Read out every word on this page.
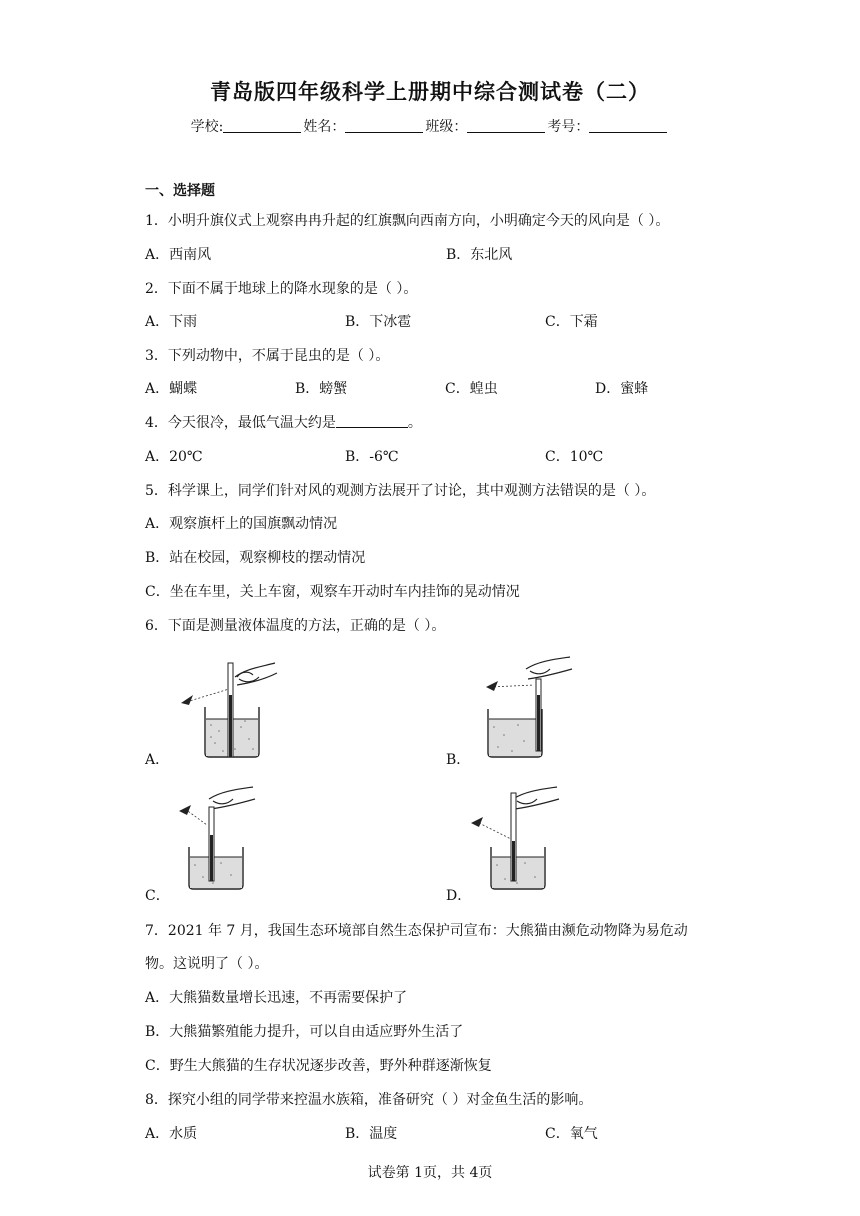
青岛版四年级科学上册期中综合测试卷（二）
学校:	姓名：	班级：	考号：
一、选择题
1．小明升旗仪式上观察冉冉升起的红旗飘向西南方向，小明确定今天的风向是（ ）。
A．西南风	B．东北风
2．下面不属于地球上的降水现象的是（ ）。
A．下雨	B．下冰雹	C．下霜
3．下列动物中，不属于昆虫的是（ ）。
A．蝴蝶	B．螃蟹	C．蝗虫	D．蜜蜂
4．今天很冷，最低气温大约是	。
A．20℃	B．-6℃	C．10℃
5．科学课上，同学们针对风的观测方法展开了讨论，其中观测方法错误的是（ ）。
A．观察旗杆上的国旗飘动情况
B．站在校园，观察柳枝的摆动情况
C．坐在车里，关上车窗，观察车开动时车内挂饰的晃动情况
6．下面是测量液体温度的方法，正确的是（ ）。
A．	B．
C．	D．
7．2021 年 7 月，我国生态环境部自然生态保护司宣布：大熊猫由濒危动物降为易危动
物。这说明了（ ）。
A．大熊猫数量增长迅速，不再需要保护了
B．大熊猫繁殖能力提升，可以自由适应野外生活了
C．野生大熊猫的生存状况逐步改善，野外种群逐渐恢复
8．探究小组的同学带来控温水族箱，准备研究（ ）对金鱼生活的影响。
A．水质	B．温度	C．氧气
试卷第 1页，共 4页
